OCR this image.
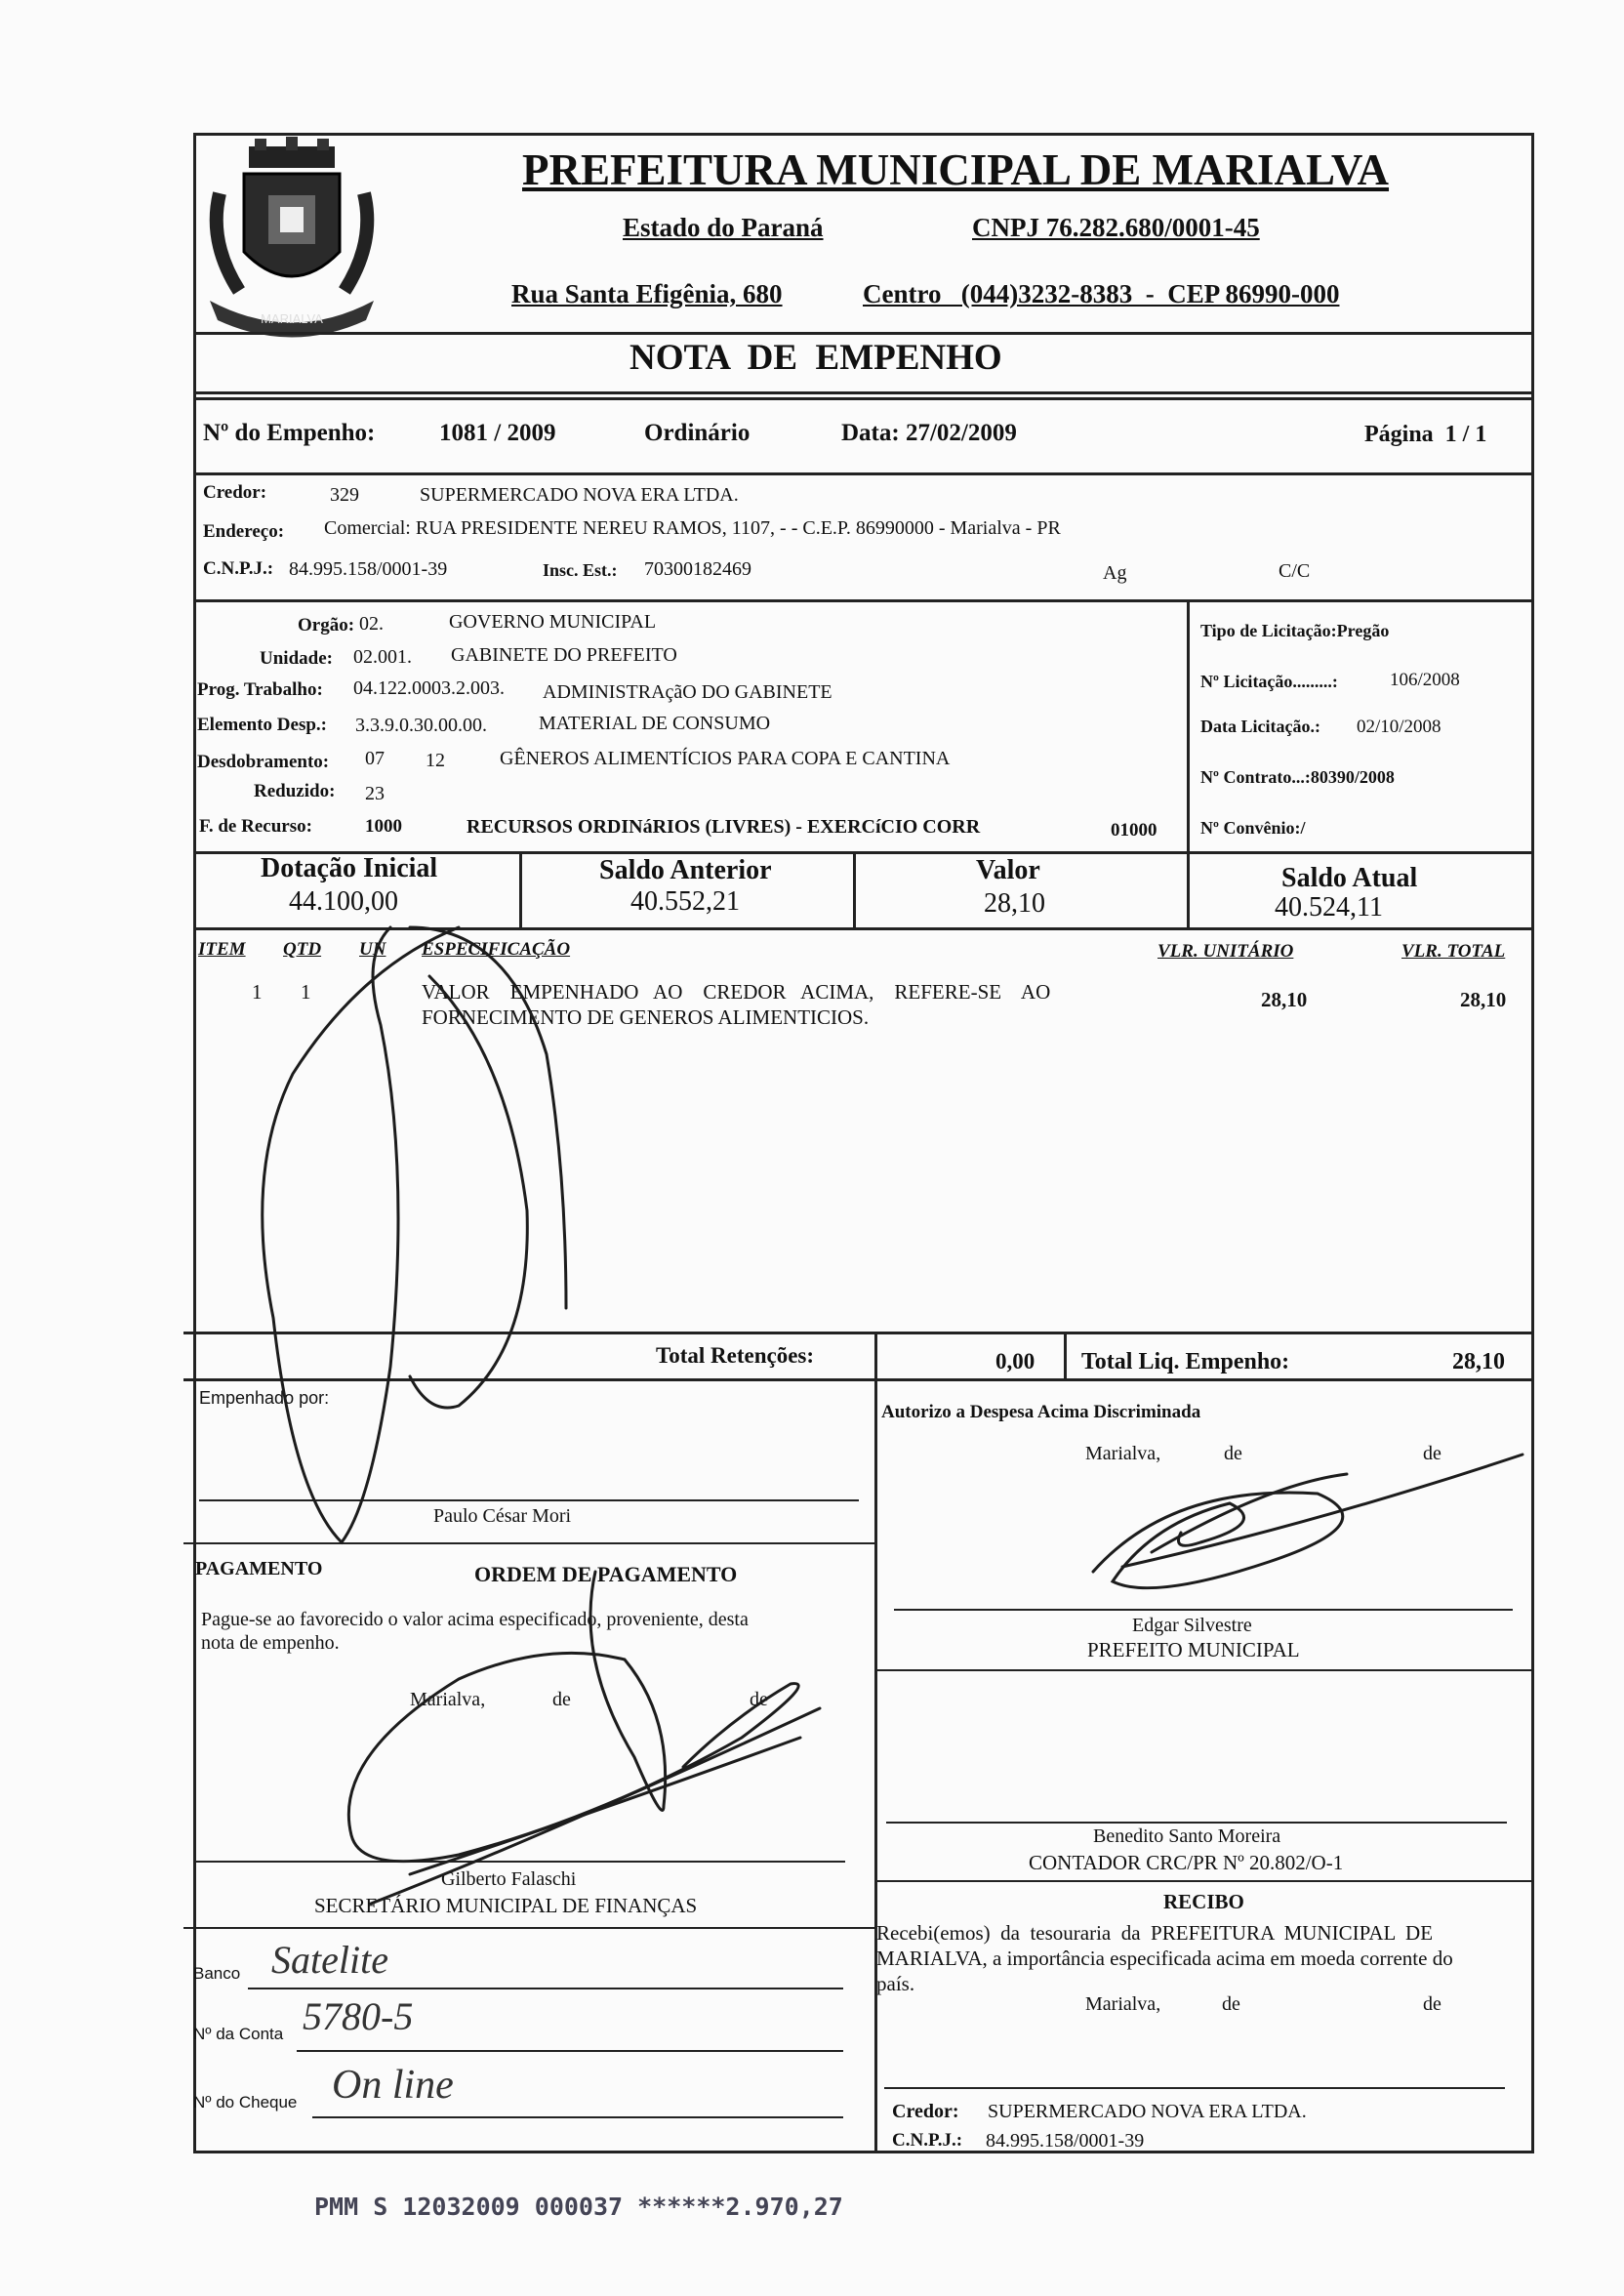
MARIALVA
PREFEITURA MUNICIPAL DE MARIALVA
Estado do Paraná	CNPJ 76.282.680/0001-45
Rua Santa Efigênia, 680	Centro   (044)3232-8383  -  CEP 86990-000
NOTA  DE  EMPENHO
Nº do Empenho:	1081 / 2009	Ordinário	Data: 27/02/2009	Página  1 / 1
Credor:	329	SUPERMERCADO NOVA ERA LTDA.
Endereço: Comercial: RUA PRESIDENTE NEREU RAMOS, 1107, - - C.E.P. 86990000 - Marialva - PR
C.N.P.J.: 84.995.158/0001-39	Insc. Est.: 70300182469	Ag	C/C
Orgão: 02.	GOVERNO MUNICIPAL
Unidade: 02.001. GABINETE DO PREFEITO
Prog. Trabalho: 04.122.0003.2.003. ADMINISTRAçãO DO GABINETE
Elemento Desp.: 3.3.9.0.30.00.00.	MATERIAL DE CONSUMO
Desdobramento: 07 12	GÊNEROS ALIMENTÍCIOS PARA COPA E CANTINA
Reduzido: 23
F. de Recurso:	1000	RECURSOS ORDINáRIOS (LIVRES) - EXERCíCIO CORR	01000
Tipo de Licitação:Pregão
Nº Licitação.........:	106/2008
Data Licitação.: 02/10/2008
Nº Contrato...:80390/2008
Nº Convênio:/
Dotação Inicial
44.100,00
Saldo Anterior
40.552,21
Valor
28,10
Saldo Atual
40.524,11
ITEM QTD UN ESPECIFICAÇÃO	VLR. UNITÁRIO	VLR. TOTAL
1 1	VALOR    EMPENHADO   AO    CREDOR   ACIMA,    REFERE-SE    AO
FORNECIMENTO DE GENEROS ALIMENTICIOS.
28,10	28,10
Total Retenções:	0,00 Total Liq. Empenho:	28,10
Empenhado por:
Paulo César Mori
PAGAMENTO	ORDEM DE PAGAMENTO
Pague-se ao favorecido o valor acima especificado, proveniente, desta
nota de empenho.
Marialva,	de	de
Gilberto Falaschi
SECRETÁRIO MUNICIPAL DE FINANÇAS
Banco Satelite
Nº da Conta 5780-5
Nº do Cheque On line
Autorizo a Despesa Acima Discriminada
Marialva,	de	de
Edgar Silvestre
PREFEITO MUNICIPAL
Benedito Santo Moreira
CONTADOR CRC/PR Nº 20.802/O-1
RECIBO
Recebi(emos)  da  tesouraria  da  PREFEITURA  MUNICIPAL  DE
MARIALVA, a importância especificada acima em moeda corrente do
país.
Marialva,	de	de
Credor: SUPERMERCADO NOVA ERA LTDA.
C.N.P.J.: 84.995.158/0001-39
PMM S 12032009 000037 ******2.970,27
